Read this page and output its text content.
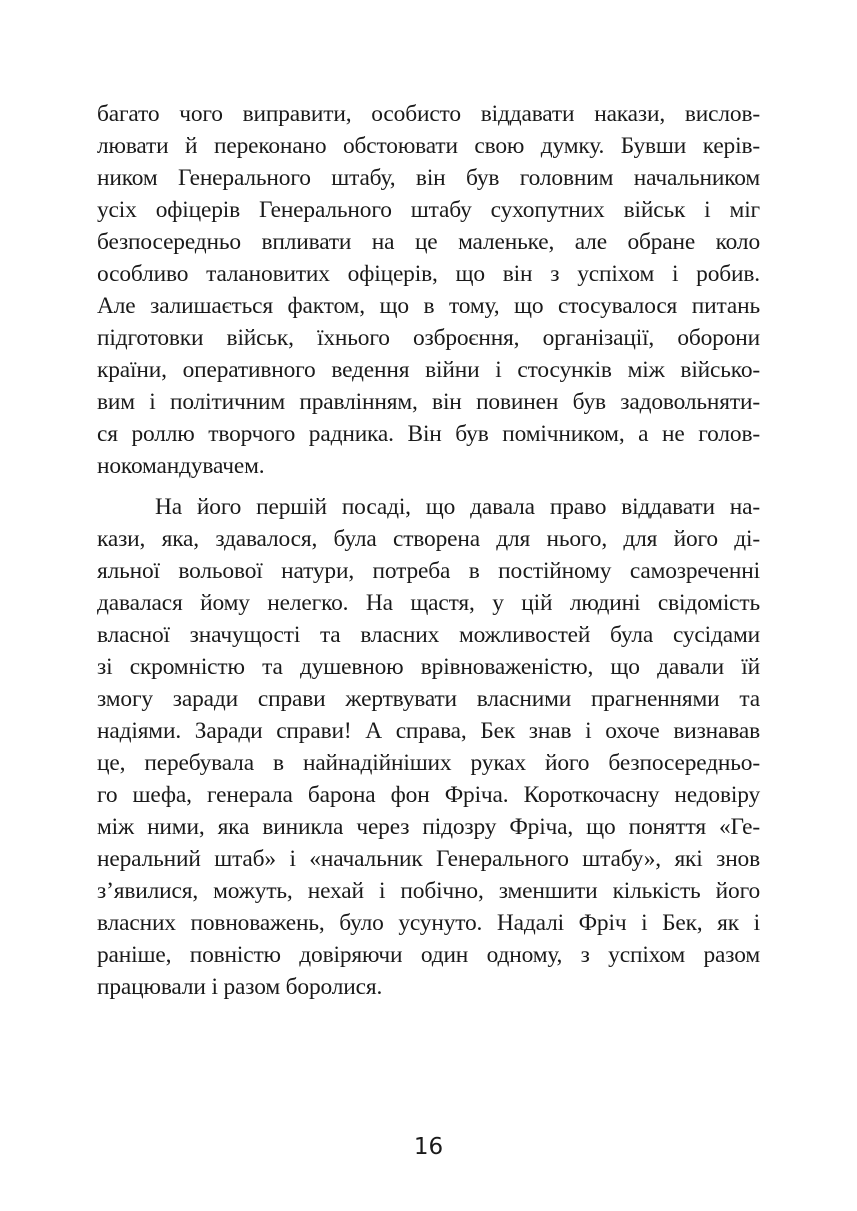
багато чого виправити, особисто віддавати накази, вислов-
лювати й переконано обстоювати свою думку. Бувши керів-
ником Генерального штабу, він був головним начальником
усіх офіцерів Генерального штабу сухопутних військ і міг
безпосередньо впливати на це маленьке, але обране коло
особливо талановитих офіцерів, що він з успіхом і робив.
Але залишається фактом, що в тому, що стосувалося питань
підготовки військ, їхнього озброєння, організації, оборони
країни, оперативного ведення війни і стосунків між військо-
вим і політичним правлінням, він повинен був задовольняти-
ся роллю творчого радника. Він був помічником, а не голов-
нокомандувачем.
На його першій посаді, що давала право віддавати на-
кази, яка, здавалося, була створена для нього, для його ді-
яльної вольової натури, потреба в постійному самозреченні
давалася йому нелегко. На щастя, у цій людині свідомість
власної значущості та власних можливостей була сусідами
зі скромністю та душевною врівноваженістю, що давали їй
змогу заради справи жертвувати власними прагненнями та
надіями. Заради справи! А справа, Бек знав і охоче визнавав
це, перебувала в найнадійніших руках його безпосередньо-
го шефа, генерала барона фон Фріча. Короткочасну недовіру
між ними, яка виникла через підозру Фріча, що поняття «Ге-
неральний штаб» і «начальник Генерального штабу», які знов
з’явилися, можуть, нехай і побічно, зменшити кількість його
власних повноважень, було усунуто. Надалі Фріч і Бек, як і
раніше, повністю довіряючи один одному, з успіхом разом
працювали і разом боролися.
16
